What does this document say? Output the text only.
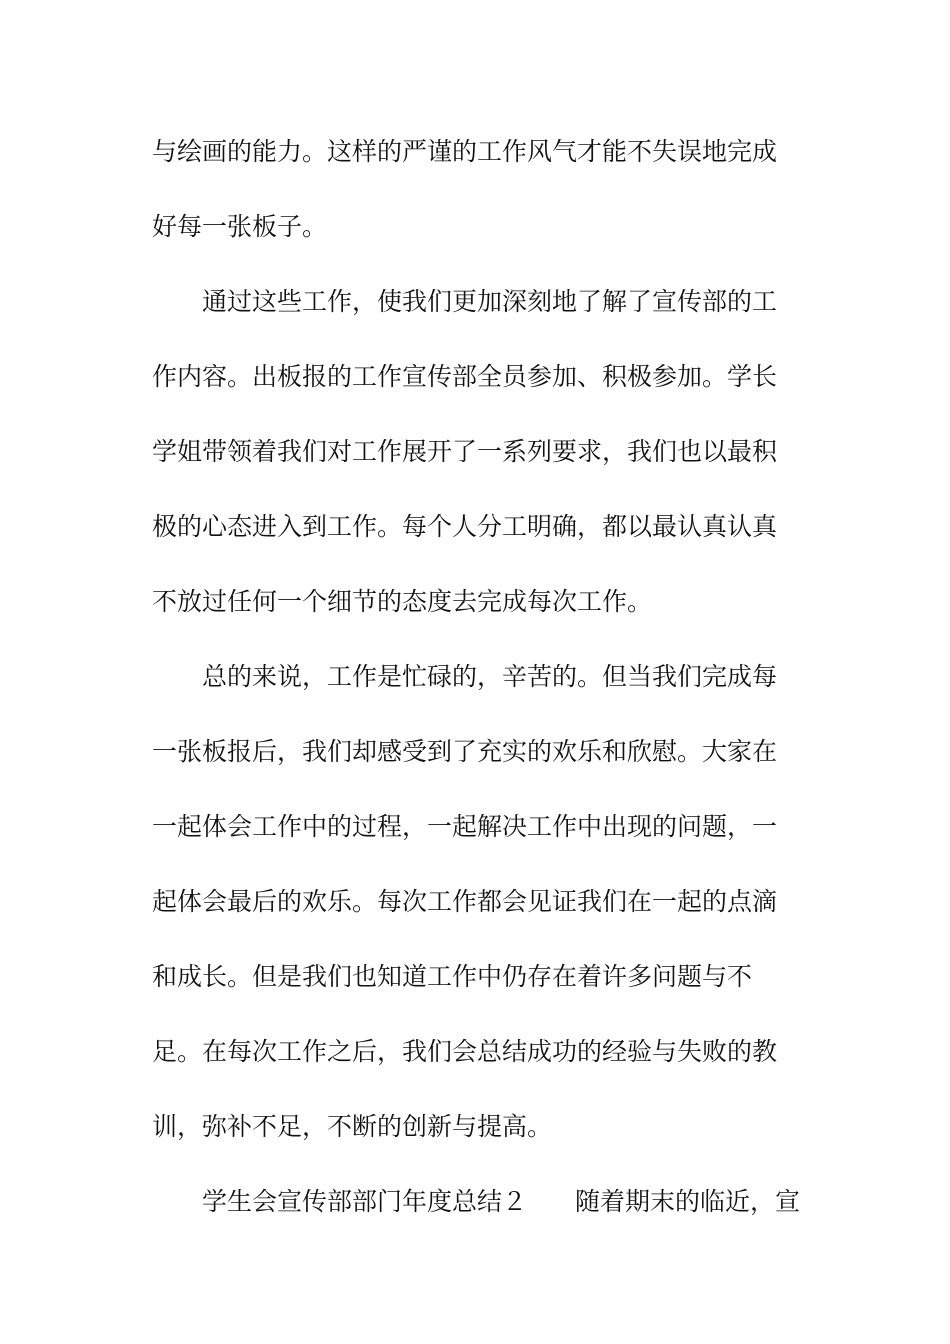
与绘画的能力。这样的严谨的工作风气才能不失误地完成

好每一张板子。

通过这些工作，使我们更加深刻地了解了宣传部的工

作内容。出板报的工作宣传部全员参加、积极参加。学长

学姐带领着我们对工作展开了一系列要求，我们也以最积

极的心态进入到工作。每个人分工明确，都以最认真认真

不放过任何一个细节的态度去完成每次工作。

总的来说，工作是忙碌的，辛苦的。但当我们完成每

一张板报后，我们却感受到了充实的欢乐和欣慰。大家在

一起体会工作中的过程，一起解决工作中出现的问题，一

起体会最后的欢乐。每次工作都会见证我们在一起的点滴

和成长。但是我们也知道工作中仍存在着许多问题与不

足。在每次工作之后，我们会总结成功的经验与失败的教

训，弥补不足，不断的创新与提高。

学生会宣传部部门年度总结２ 随着期末的临近，宣
